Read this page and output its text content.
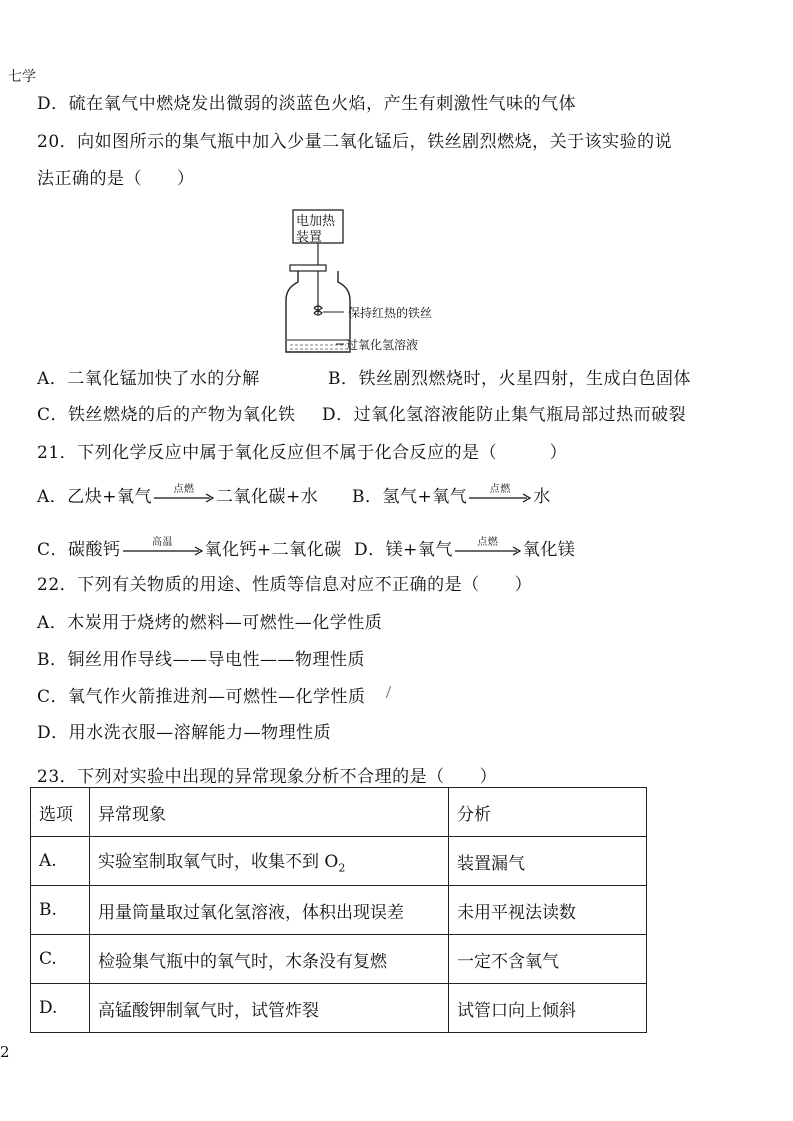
七学
D．硫在氧气中燃烧发出微弱的淡蓝色火焰，产生有刺激性气味的气体
20．向如图所示的集气瓶中加入少量二氧化锰后，铁丝剧烈燃烧，关于该实验的说
法正确的是（　　）
电加热
装置
保持红热的铁丝
过氧化氢溶液
A．二氧化锰加快了水的分解	B．铁丝剧烈燃烧时，火星四射，生成白色固体
C．铁丝燃烧的后的产物为氧化铁 D．过氧化氢溶液能防止集气瓶局部过热而破裂
21．下列化学反应中属于氧化反应但不属于化合反应的是（　　　）
A．乙炔+氧气	点燃	二氧化碳+水 B．氢气+氧气	点燃	水
C．碳酸钙	高温	氧化钙+二氧化碳 D．镁+氧气	点燃	氧化镁
22．下列有关物质的用途、性质等信息对应不正确的是（　　）
A．木炭用于烧烤的燃料—可燃性—化学性质
B．铜丝用作导线——导电性——物理性质
C．氧气作火箭推进剂—可燃性—化学性质
D．用水洗衣服—溶解能力—物理性质
23．下列对实验中出现的异常现象分析不合理的是（　　）
选项	异常现象	分析
A.	实验室制取氧气时，收集不到 $O_2$	装置漏气
B.	用量筒量取过氧化氢溶液，体积出现误差	未用平视法读数
C.	检验集气瓶中的氧气时，木条没有复燃	一定不含氧气
D.	高锰酸钾制氧气时，试管炸裂	试管口向上倾斜
2
